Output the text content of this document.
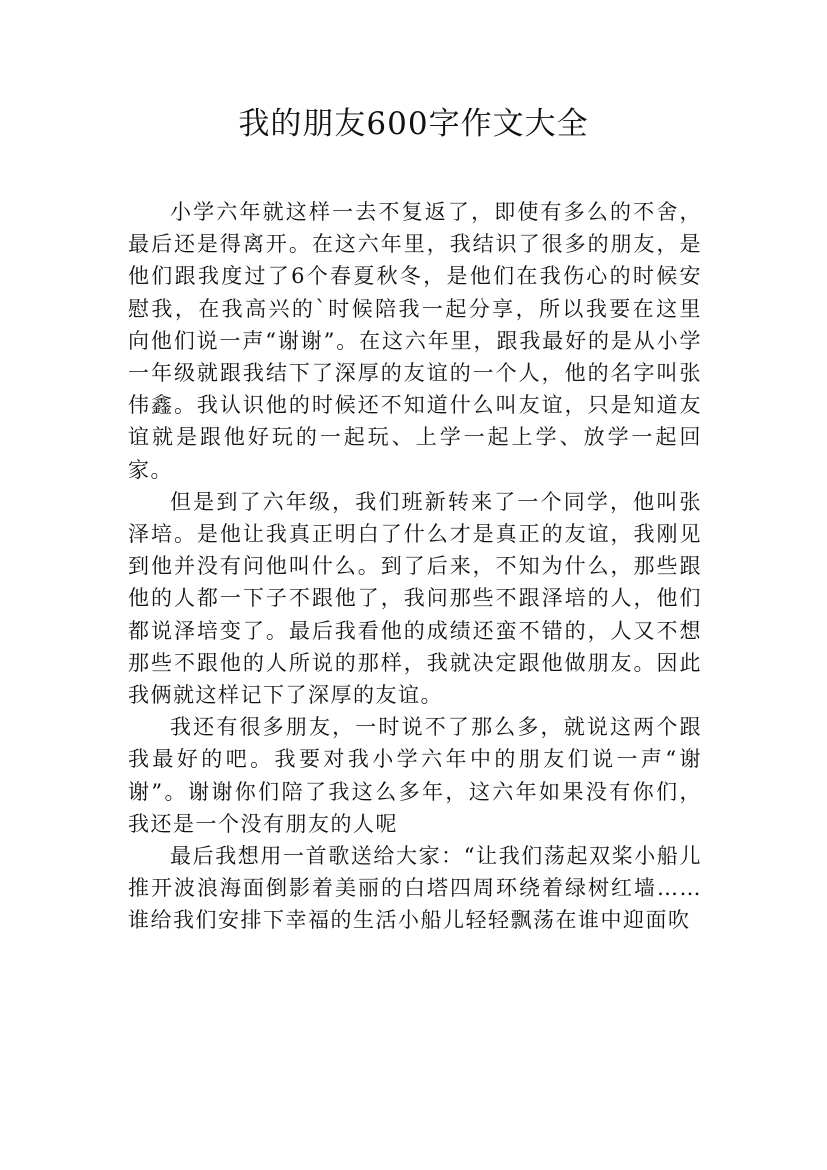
我的朋友600字作文大全

小学六年就这样一去不复返了，即使有多么的不舍，最后还是得离开。在这六年里，我结识了很多的朋友，是他们跟我度过了6个春夏秋冬，是他们在我伤心的时候安慰我，在我高兴的`时候陪我一起分享，所以我要在这里向他们说一声“谢谢”。在这六年里，跟我最好的是从小学一年级就跟我结下了深厚的友谊的一个人，他的名字叫张伟鑫。我认识他的时候还不知道什么叫友谊，只是知道友谊就是跟他好玩的一起玩、上学一起上学、放学一起回家。

但是到了六年级，我们班新转来了一个同学，他叫张泽培。是他让我真正明白了什么才是真正的友谊，我刚见到他并没有问他叫什么。到了后来，不知为什么，那些跟他的人都一下子不跟他了，我问那些不跟泽培的人，他们都说泽培变了。最后我看他的成绩还蛮不错的，人又不想那些不跟他的人所说的那样，我就决定跟他做朋友。因此我俩就这样记下了深厚的友谊。

我还有很多朋友，一时说不了那么多，就说这两个跟我最好的吧。我要对我小学六年中的朋友们说一声“谢谢”。谢谢你们陪了我这么多年，这六年如果没有你们，我还是一个没有朋友的人呢

最后我想用一首歌送给大家：“让我们荡起双桨小船儿推开波浪海面倒影着美丽的白塔四周环绕着绿树红墙……谁给我们安排下幸福的生活小船儿轻轻飘荡在谁中迎面吹
